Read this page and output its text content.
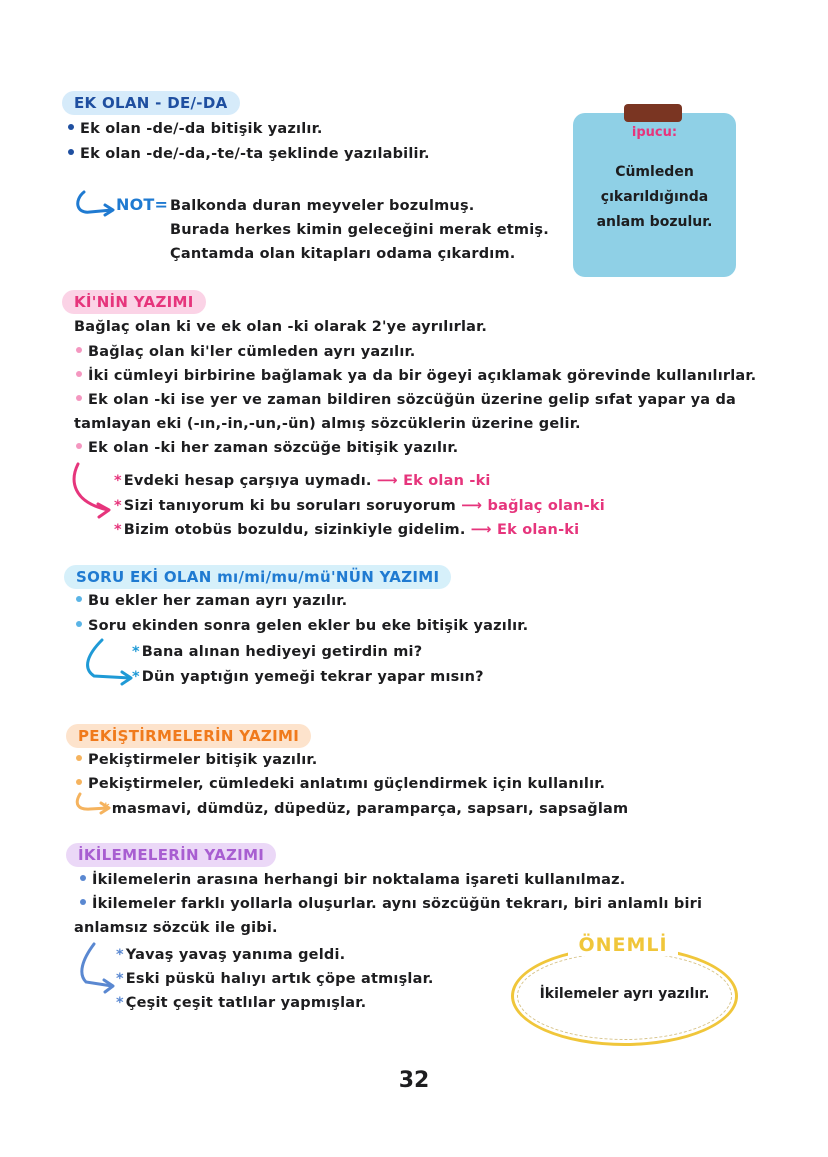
EK OLAN - DE/-DA
Ek olan -de/-da bitişik yazılır.
Ek olan -de/-da,-te/-ta şeklinde yazılabilir.
NOT= Balkonda duran meyveler bozulmuş.
Burada herkes kimin geleceğini merak etmiş.
Çantamda olan kitapları odama çıkardım.
ipucu:
Cümleden çıkarıldığında anlam bozulur.
Kİ'NİN YAZIMI
Bağlaç olan ki ve ek olan -ki olarak 2'ye ayrılırlar.
Bağlaç olan ki'ler cümleden ayrı yazılır.
İki cümleyi birbirine bağlamak ya da bir ögeyi açıklamak görevinde kullanılırlar.
Ek olan -ki ise yer ve zaman bildiren sözcüğün üzerine gelip sıfat yapar ya da
tamlayan eki (-ın,-in,-un,-ün) almış sözcüklerin üzerine gelir.
Ek olan -ki her zaman sözcüğe bitişik yazılır.
* Evdeki hesap çarşıya uymadı. ⟶ Ek olan -ki
* Sizi tanıyorum ki bu soruları soruyorum ⟶ bağlaç olan-ki
* Bizim otobüs bozuldu, sizinkiyle gidelim. ⟶ Ek olan-ki
SORU EKİ OLAN mı/mi/mu/mü'NÜN YAZIMI
Bu ekler her zaman ayrı yazılır.
Soru ekinden sonra gelen ekler bu eke bitişik yazılır.
* Bana alınan hediyeyi getirdin mi?
* Dün yaptığın yemeği tekrar yapar mısın?
PEKİŞTİRMELERİN YAZIMI
Pekiştirmeler bitişik yazılır.
Pekiştirmeler, cümledeki anlatımı güçlendirmek için kullanılır.
* masmavi, dümdüz, düpedüz, paramparça, sapsarı, sapsağlam
İKİLEMELERİN YAZIMI
İkilemelerin arasına herhangi bir noktalama işareti kullanılmaz.
İkilemeler farklı yollarla oluşurlar. aynı sözcüğün tekrarı, biri anlamlı biri
anlamsız sözcük ile gibi.
* Yavaş yavaş yanıma geldi.
* Eski püskü halıyı artık çöpe atmışlar.
* Çeşit çeşit tatlılar yapmışlar.
ÖNEMLİ
İkilemeler ayrı yazılır.
32
